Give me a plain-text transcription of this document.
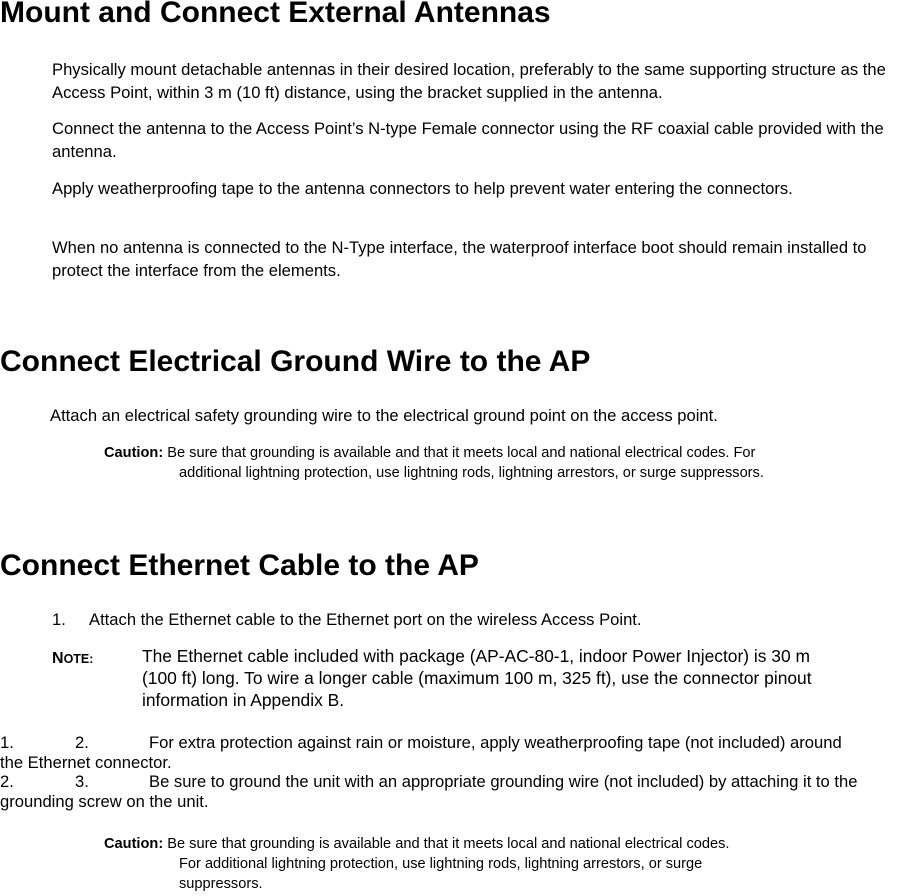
Mount and Connect External Antennas
Physically mount detachable antennas in their desired location, preferably to the same supporting structure as the Access Point, within 3 m (10 ft) distance, using the bracket supplied in the antenna.
Connect the antenna to the Access Point’s N-type Female connector using the RF coaxial cable provided with the antenna.
Apply weatherproofing tape to the antenna connectors to help prevent water entering the connectors.
When no antenna is connected to the N-Type interface, the waterproof interface boot should remain installed to protect the interface from the elements.
Connect Electrical Ground Wire to the AP
Attach an electrical safety grounding wire to the electrical ground point on the access point.
Caution: Be sure that grounding is available and that it meets local and national electrical codes. For
additional lightning protection, use lightning rods, lightning arrestors, or surge suppressors.
Connect Ethernet Cable to the AP
1. Attach the Ethernet cable to the Ethernet port on the wireless Access Point.
NOTE:	The Ethernet cable included with package (AP-AC-80-1, indoor Power Injector) is 30 m
(100 ft) long. To wire a longer cable (maximum 100 m, 325 ft), use the connector pinout
information in Appendix B.
1.	2.	For extra protection against rain or moisture, apply weatherproofing tape (not included) around
the Ethernet connector.
2.	3.	Be sure to ground the unit with an appropriate grounding wire (not included) by attaching it to the
grounding screw on the unit.
Caution: Be sure that grounding is available and that it meets local and national electrical codes.
For additional lightning protection, use lightning rods, lightning arrestors, or surge
suppressors.
